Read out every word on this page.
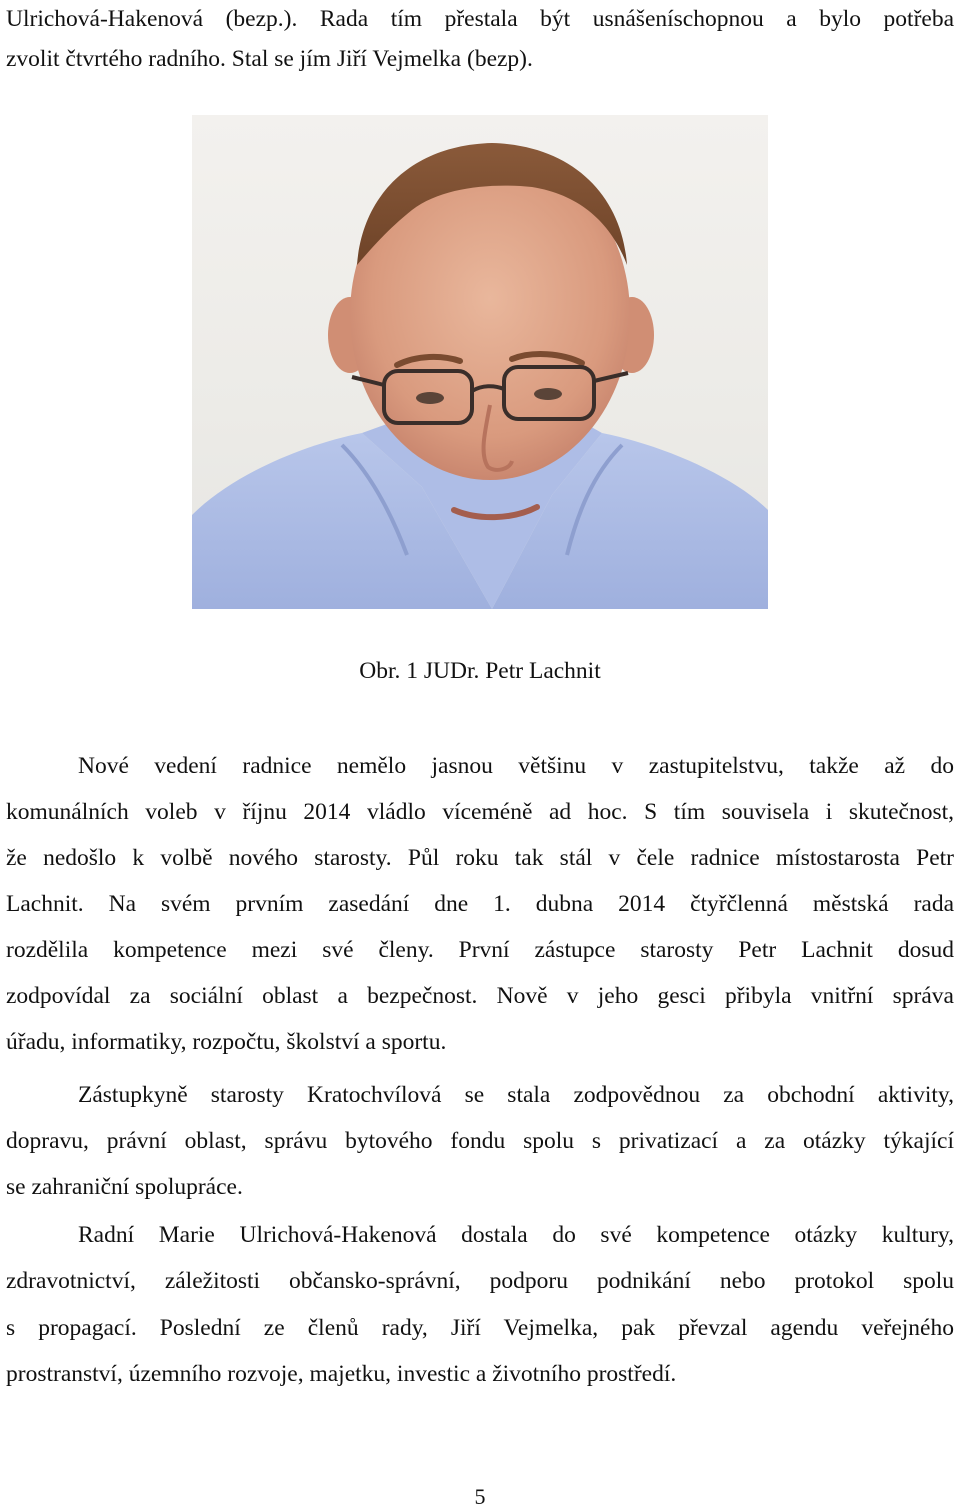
Ulrichová-Hakenová (bezp.). Rada tím přestala být usnášeníschopnou a bylo potřeba
zvolit čtvrtého radního. Stal se jím Jiří Vejmelka (bezp).
Obr. 1 JUDr. Petr Lachnit
Nové vedení radnice nemělo jasnou většinu v zastupitelstvu, takže až do
komunálních voleb v říjnu 2014 vládlo víceméně ad hoc. S tím souvisela i skutečnost,
že nedošlo k volbě nového starosty. Půl roku tak stál v čele radnice místostarosta Petr
Lachnit. Na svém prvním zasedání dne 1. dubna 2014 čtyřčlenná městská rada
rozdělila kompetence mezi své členy. První zástupce starosty Petr Lachnit dosud
zodpovídal za sociální oblast a bezpečnost. Nově v jeho gesci přibyla vnitřní správa
úřadu, informatiky, rozpočtu, školství a sportu.
Zástupkyně starosty Kratochvílová se stala zodpovědnou za obchodní aktivity,
dopravu, právní oblast, správu bytového fondu spolu s privatizací a za otázky týkající
se zahraniční spolupráce.
Radní Marie Ulrichová-Hakenová dostala do své kompetence otázky kultury,
zdravotnictví, záležitosti občansko-správní, podporu podnikání nebo protokol spolu
s propagací. Poslední ze členů rady, Jiří Vejmelka, pak převzal agendu veřejného
prostranství, územního rozvoje, majetku, investic a životního prostředí.
5
